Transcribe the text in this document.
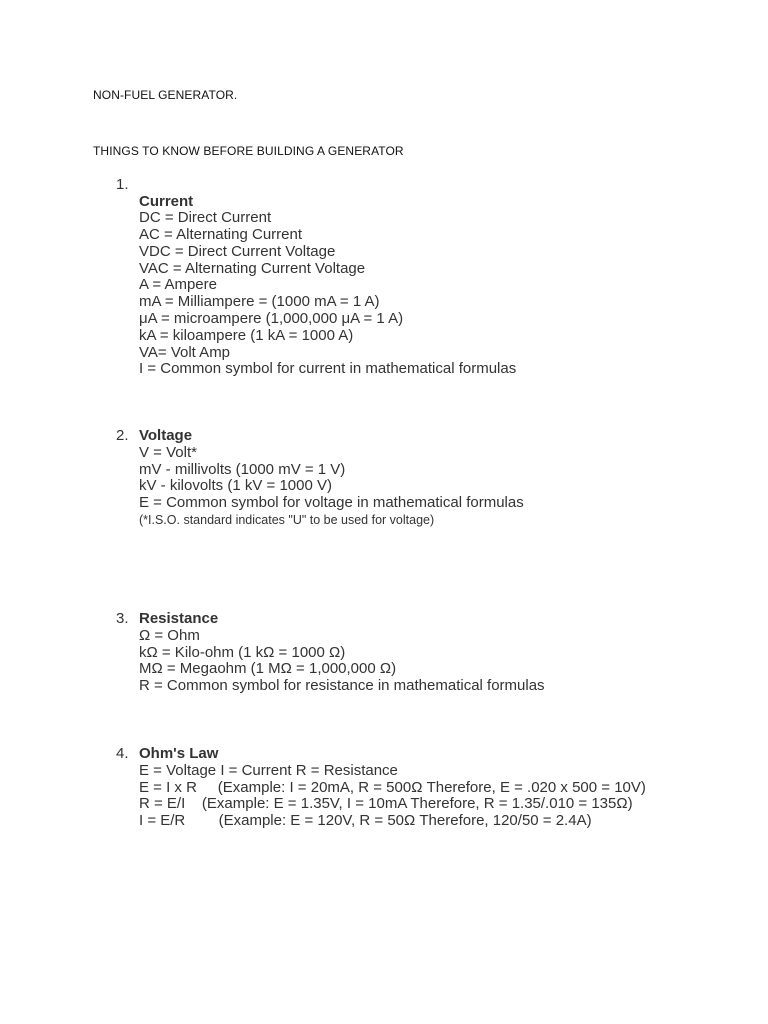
NON-FUEL GENERATOR.
THINGS TO KNOW BEFORE BUILDING A GENERATOR
1.
Current
DC = Direct Current
AC = Alternating Current
VDC = Direct Current Voltage
VAC = Alternating Current Voltage
A = Ampere
mA = Milliampere = (1000 mA = 1 A)
μA = microampere (1,000,000 μA = 1 A)
kA = kiloampere (1 kA = 1000 A)
VA= Volt Amp
I = Common symbol for current in mathematical formulas
2. Voltage
V = Volt*
mV - millivolts (1000 mV = 1 V)
kV - kilovolts (1 kV = 1000 V)
E = Common symbol for voltage in mathematical formulas
(*I.S.O. standard indicates "U" to be used for voltage)
3. Resistance
Ω = Ohm
kΩ = Kilo-ohm (1 kΩ = 1000 Ω)
MΩ = Megaohm (1 MΩ = 1,000,000 Ω)
R = Common symbol for resistance in mathematical formulas
4. Ohm's Law
E = Voltage I = Current R = Resistance
E = I x R     (Example: I = 20mA, R = 500Ω Therefore, E = .020 x 500 = 10V)
R = E/I    (Example: E = 1.35V, I = 10mA Therefore, R = 1.35/.010 = 135Ω)
I = E/R        (Example: E = 120V, R = 50Ω Therefore, 120/50 = 2.4A)
